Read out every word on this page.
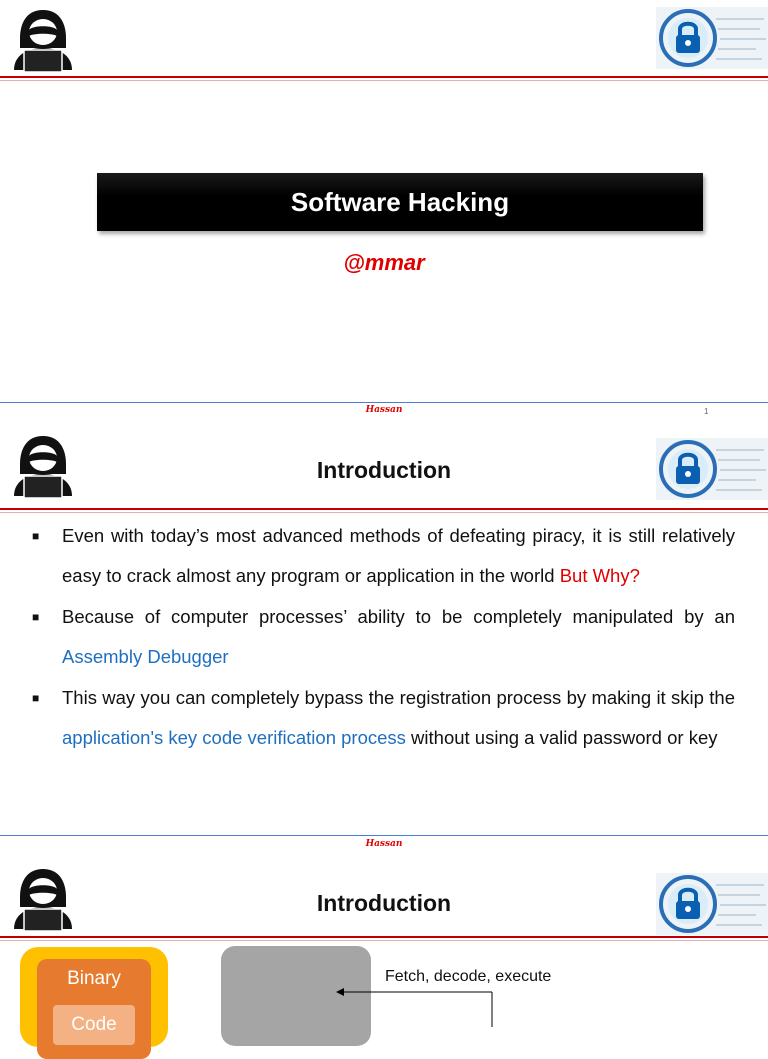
Software Hacking
@mmar
Hassan	1
Introduction
■ Even with today’s most advanced methods of defeating piracy, it is still relatively easy to crack almost any program or application in the world But Why?
■ Because of computer processes’ ability to be completely manipulated by an Assembly Debugger
■ This way you can completely bypass the registration process by making it skip the application's key code verification process without using a valid password or key
Hassan
Introduction
Binary
Code
Fetch, decode, execute
